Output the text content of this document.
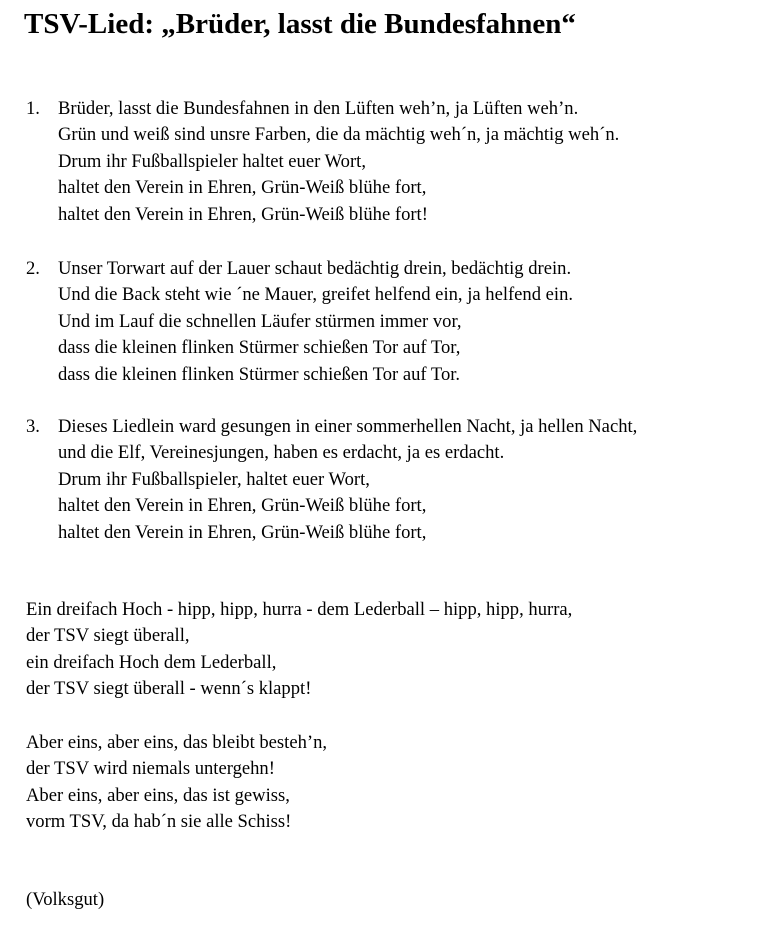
TSV-Lied: „Brüder, lasst die Bundesfahnen“
1. Brüder, lasst die Bundesfahnen in den Lüften weh’n, ja Lüften weh’n.
Grün und weiß sind unsre Farben, die da mächtig weh´n, ja mächtig weh´n.
Drum ihr Fußballspieler haltet euer Wort,
haltet den Verein in Ehren, Grün-Weiß blühe fort,
haltet den Verein in Ehren, Grün-Weiß blühe fort!
2. Unser Torwart auf der Lauer schaut bedächtig drein, bedächtig drein.
Und die Back steht wie ´ne Mauer, greifet helfend ein, ja helfend ein.
Und im Lauf die schnellen Läufer stürmen immer vor,
dass die kleinen flinken Stürmer schießen Tor auf Tor,
dass die kleinen flinken Stürmer schießen Tor auf Tor.
3. Dieses Liedlein ward gesungen in einer sommerhellen Nacht, ja hellen Nacht,
und die Elf, Vereinesjungen, haben es erdacht, ja es erdacht.
Drum ihr Fußballspieler, haltet euer Wort,
haltet den Verein in Ehren, Grün-Weiß blühe fort,
haltet den Verein in Ehren, Grün-Weiß blühe fort,
Ein dreifach Hoch - hipp, hipp, hurra - dem Lederball – hipp, hipp, hurra,
der TSV siegt überall,
ein dreifach Hoch dem Lederball,
der TSV siegt überall - wenn´s klappt!
Aber eins, aber eins, das bleibt besteh’n,
der TSV wird niemals untergehn!
Aber eins, aber eins, das ist gewiss,
vorm TSV, da hab´n sie alle Schiss!
(Volksgut)
